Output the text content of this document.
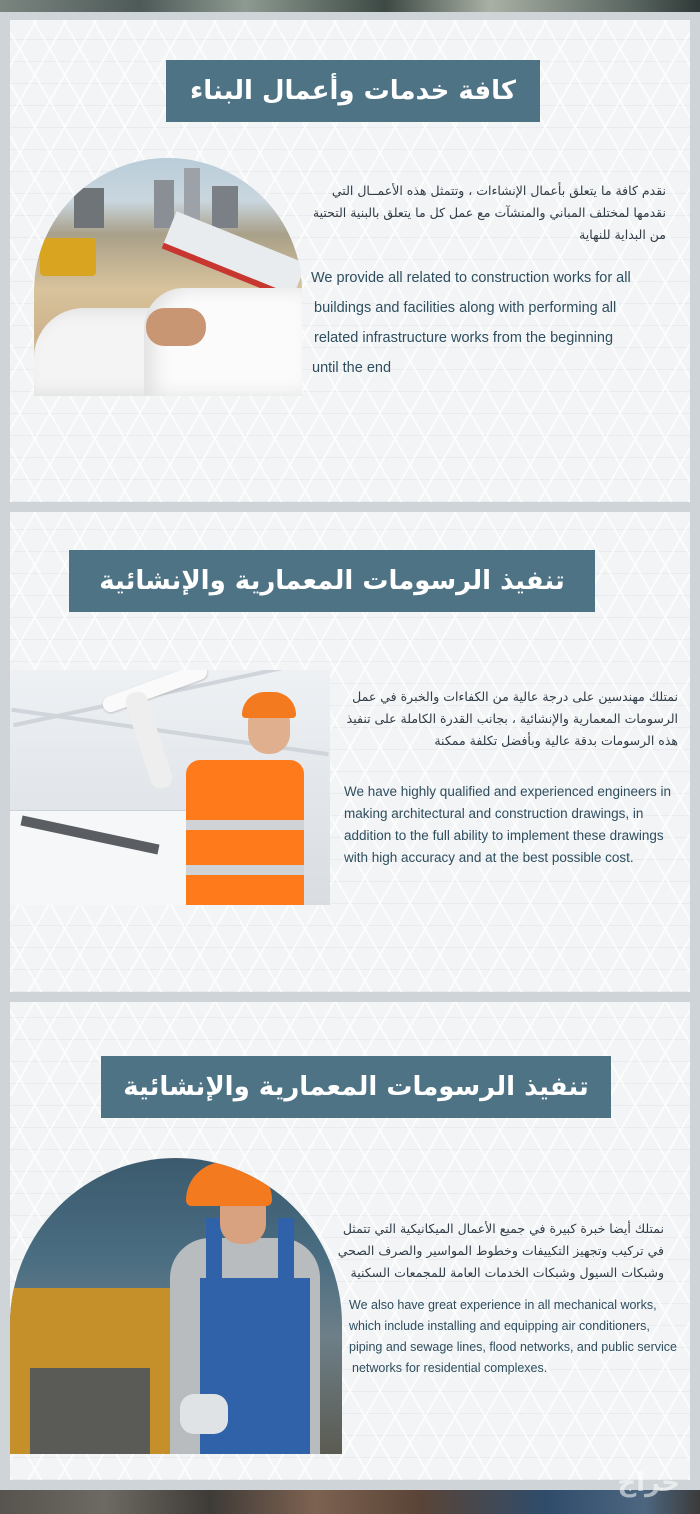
كافة خدمات وأعمال البناء
نقدم كافة ما يتعلق بأعمال الإنشاءات ، وتتمثل هذه الأعمــال التي نقدمها لمختلف المباني والمنشآت مع عمل كل ما يتعلق بالبنية التحتية من البداية للنهاية
We provide all related to construction works for all
buildings and facilities along with performing all
related infrastructure works from the beginning
until the end
تنفيذ الرسومات المعمارية والإنشائية
نمتلك مهندسين على درجة عالية من الكفاءات والخبرة في عمل الرسومات المعمارية والإنشائية ، بجانب القدرة الكاملة على تنفيذ هذه الرسومات بدقة عالية وبأفضل تكلفة ممكنة
We have highly qualified and experienced engineers in
making architectural and construction drawings, in
addition to the full ability to implement these drawings
with high accuracy and at the best possible cost.
تنفيذ الرسومات المعمارية والإنشائية
نمتلك أيضا خبرة كبيرة في جميع الأعمال الميكانيكية التي تتمثل في تركيب وتجهيز التكييفات وخطوط المواسير والصرف الصحي وشبكات السيول وشبكات الخدمات العامة للمجمعات السكنية
We also have great experience in all mechanical works,
which include installing and equipping air conditioners,
piping and sewage lines, flood networks, and public service
networks for residential complexes.
حراج
